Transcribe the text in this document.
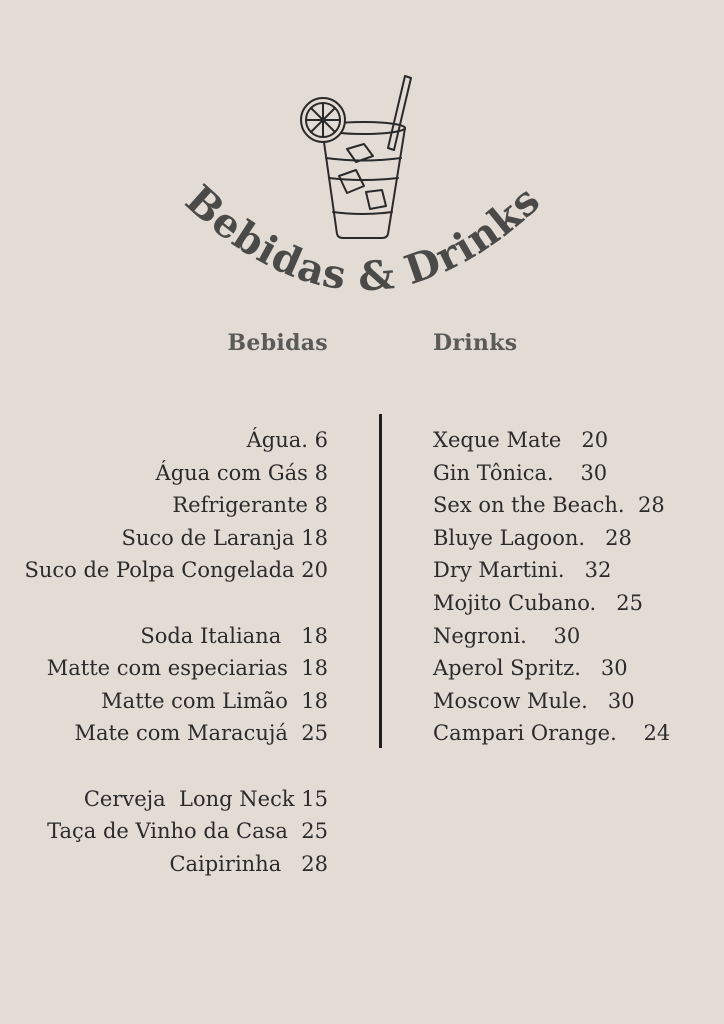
Bebidas & Drinks
Bebidas	Drinks
Água. 6
Água com Gás 8
Refrigerante 8
Suco de Laranja 18
Suco de Polpa Congelada 20
Soda Italiana 18
Matte com especiarias 18
Matte com Limão 18
Mate com Maracujá 25
Cerveja  Long Neck 15
Taça de Vinho da Casa 25
Caipirinha 28
Xeque Mate 20
Gin Tônica. 30
Sex on the Beach. 28
Bluye Lagoon. 28
Dry Martini. 32
Mojito Cubano. 25
Negroni. 30
Aperol Spritz. 30
Moscow Mule. 30
Campari Orange. 24
